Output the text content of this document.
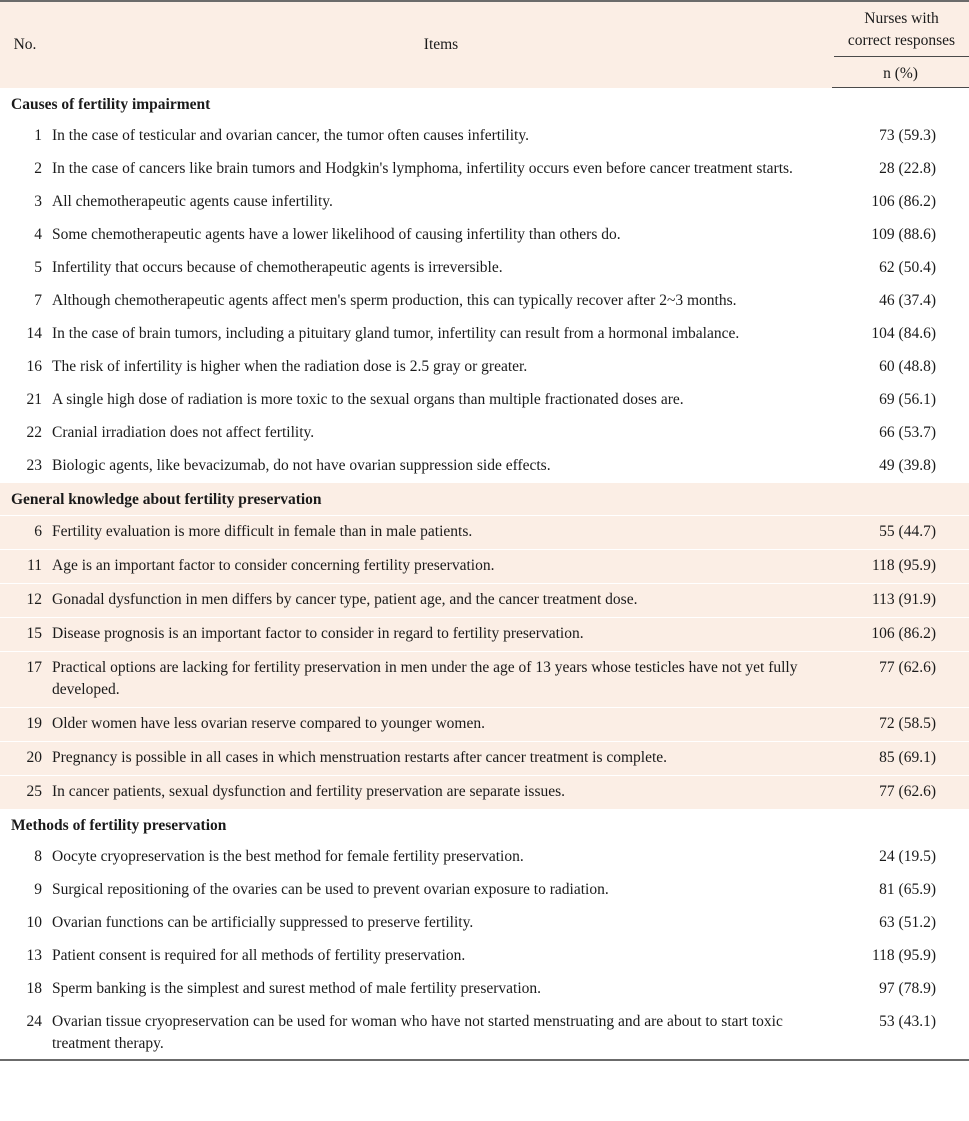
No.	Items	Nurses with
correct responses

		n (%)
Causes of fertility impairment		
1	In the case of testicular and ovarian cancer, the tumor often causes infertility.	73 (59.3)
2	In the case of cancers like brain tumors and Hodgkin's lymphoma, infertility occurs even before cancer treatment starts.	28 (22.8)
3	All chemotherapeutic agents cause infertility.	106 (86.2)
4	Some chemotherapeutic agents have a lower likelihood of causing infertility than others do.	109 (88.6)
5	Infertility that occurs because of chemotherapeutic agents is irreversible.	62 (50.4)
7	Although chemotherapeutic agents affect men's sperm production, this can typically recover after 2~3 months.	46 (37.4)
14	In the case of brain tumors, including a pituitary gland tumor, infertility can result from a hormonal imbalance.	104 (84.6)
16	The risk of infertility is higher when the radiation dose is 2.5 gray or greater.	60 (48.8)
21	A single high dose of radiation is more toxic to the sexual organs than multiple fractionated doses are.	69 (56.1)
22	Cranial irradiation does not affect fertility.	66 (53.7)
23	Biologic agents, like bevacizumab, do not have ovarian suppression side effects.	49 (39.8)
General knowledge about fertility preservation		
6	Fertility evaluation is more difficult in female than in male patients.	55 (44.7)
11	Age is an important factor to consider concerning fertility preservation.	118 (95.9)
12	Gonadal dysfunction in men differs by cancer type, patient age, and the cancer treatment dose.	113 (91.9)
15	Disease prognosis is an important factor to consider in regard to fertility preservation.	106 (86.2)
17	Practical options are lacking for fertility preservation in men under the age of 13 years whose testicles have not yet fully developed.	77 (62.6)
19	Older women have less ovarian reserve compared to younger women.	72 (58.5)
20	Pregnancy is possible in all cases in which menstruation restarts after cancer treatment is complete.	85 (69.1)
25	In cancer patients, sexual dysfunction and fertility preservation are separate issues.	77 (62.6)
Methods of fertility preservation		
8	Oocyte cryopreservation is the best method for female fertility preservation.	24 (19.5)
9	Surgical repositioning of the ovaries can be used to prevent ovarian exposure to radiation.	81 (65.9)
10	Ovarian functions can be artificially suppressed to preserve fertility.	63 (51.2)
13	Patient consent is required for all methods of fertility preservation.	118 (95.9)
18	Sperm banking is the simplest and surest method of male fertility preservation.	97 (78.9)
24	Ovarian tissue cryopreservation can be used for woman who have not started menstruating and are about to start toxic treatment therapy.	53 (43.1)
